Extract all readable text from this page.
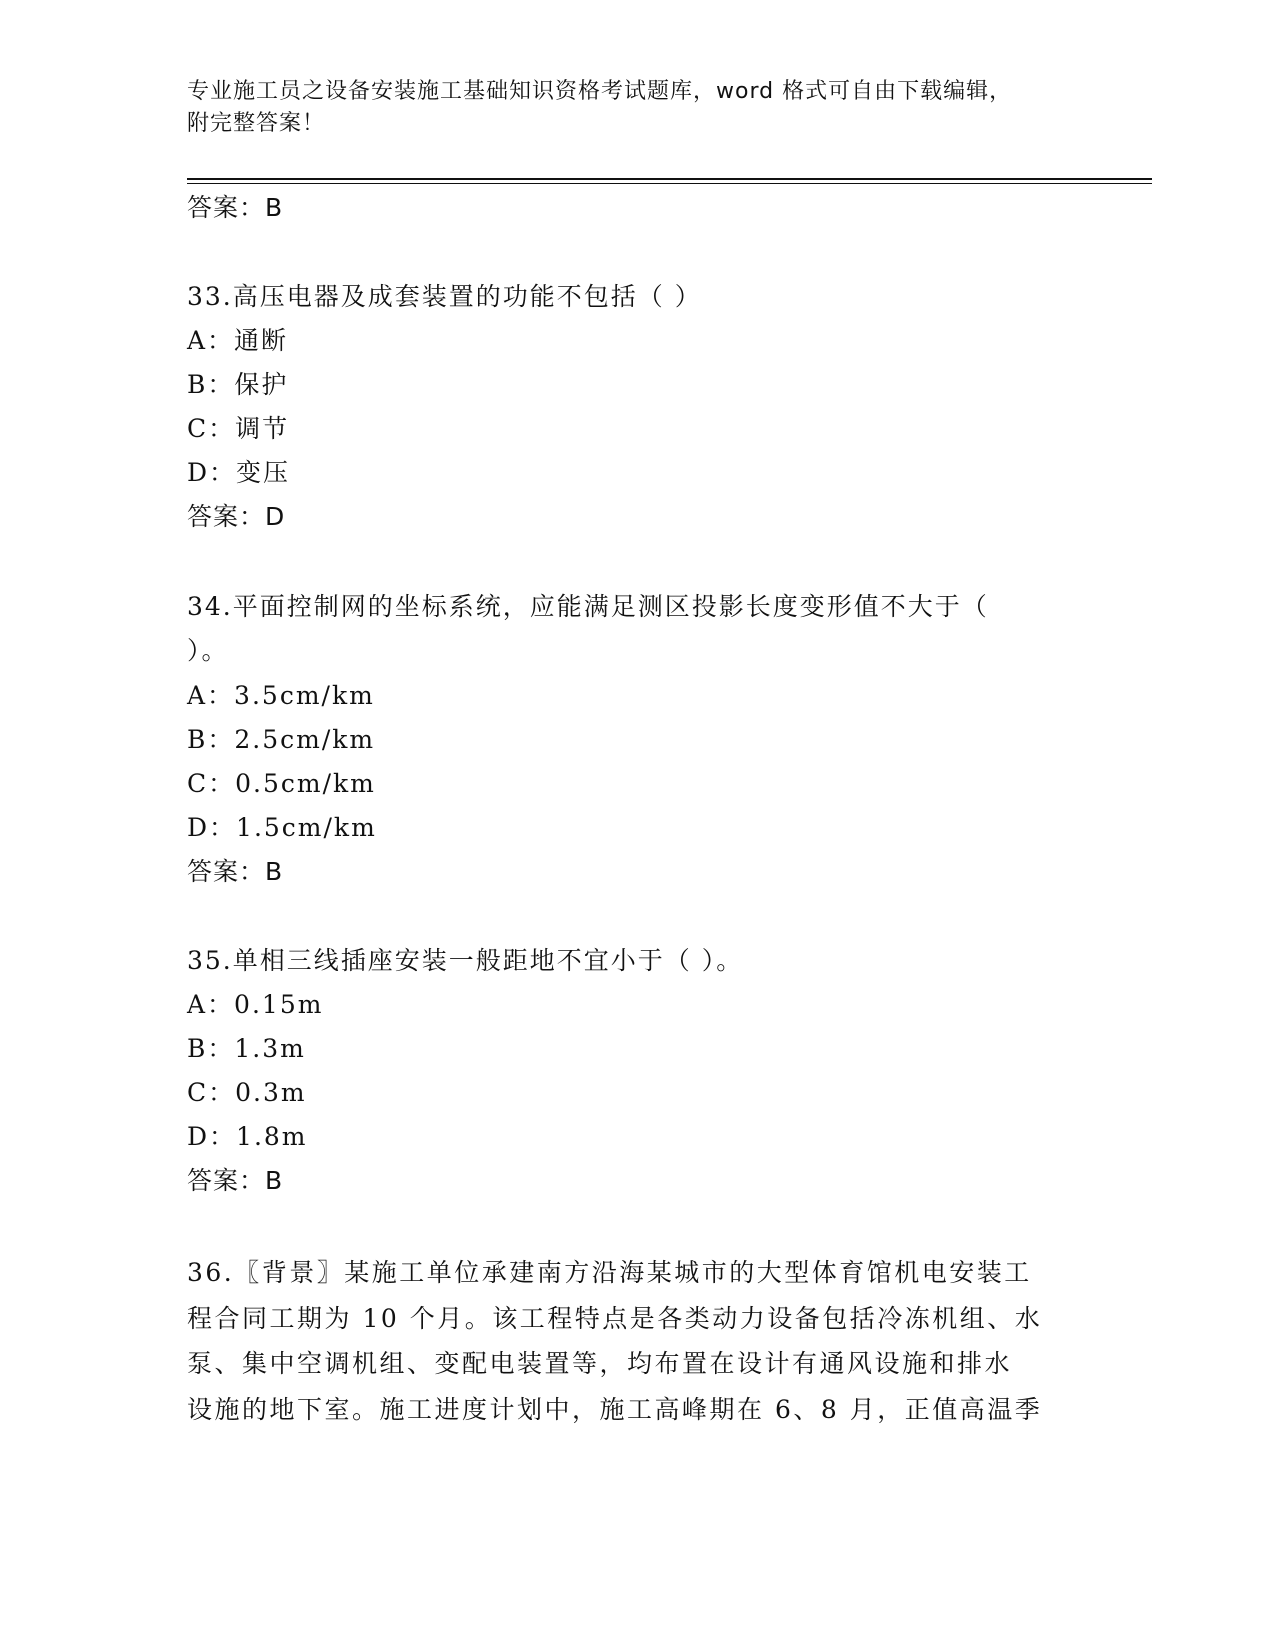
专业施工员之设备安装施工基础知识资格考试题库，word 格式可自由下载编辑，
附完整答案！
答案：B
33.高压电器及成套装置的功能不包括（ ）
A：通断
B：保护
C：调节
D：变压
答案：D
34.平面控制网的坐标系统，应能满足测区投影长度变形值不大于（
）。
A：3.5cm/km
B：2.5cm/km
C：0.5cm/km
D：1.5cm/km
答案：B
35.单相三线插座安装一般距地不宜小于（ ）。
A：0.15m
B：1.3m
C：0.3m
D：1.8m
答案：B
36.〖背景〗某施工单位承建南方沿海某城市的大型体育馆机电安装工
程合同工期为 10 个月。该工程特点是各类动力设备包括冷冻机组、水
泵、集中空调机组、变配电装置等，均布置在设计有通风设施和排水
设施的地下室。施工进度计划中，施工高峰期在 6、8 月，正值高温季
